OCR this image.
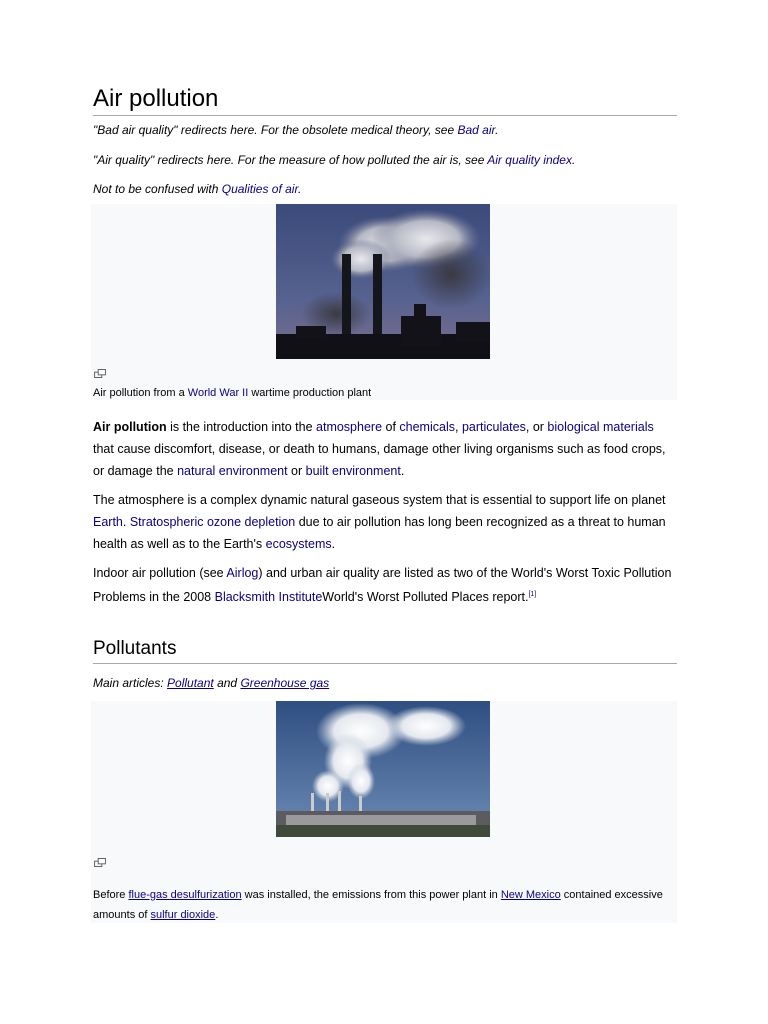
Air pollution

"Bad air quality" redirects here. For the obsolete medical theory, see Bad air.

"Air quality" redirects here. For the measure of how polluted the air is, see Air quality index.

Not to be confused with Qualities of air.

Air pollution from a World War II wartime production plant

Air pollution is the introduction into the atmosphere of chemicals, particulates, or biological materials that cause discomfort, disease, or death to humans, damage other living organisms such as food crops, or damage the natural environment or built environment.

The atmosphere is a complex dynamic natural gaseous system that is essential to support life on planet Earth. Stratospheric ozone depletion due to air pollution has long been recognized as a threat to human health as well as to the Earth's ecosystems.

Indoor air pollution (see Airlog) and urban air quality are listed as two of the World's Worst Toxic Pollution Problems in the 2008 Blacksmith InstituteWorld's Worst Polluted Places report.[1]

Pollutants

Main articles: Pollutant and Greenhouse gas

Before flue-gas desulfurization was installed, the emissions from this power plant in New Mexico contained excessive amounts of sulfur dioxide.
